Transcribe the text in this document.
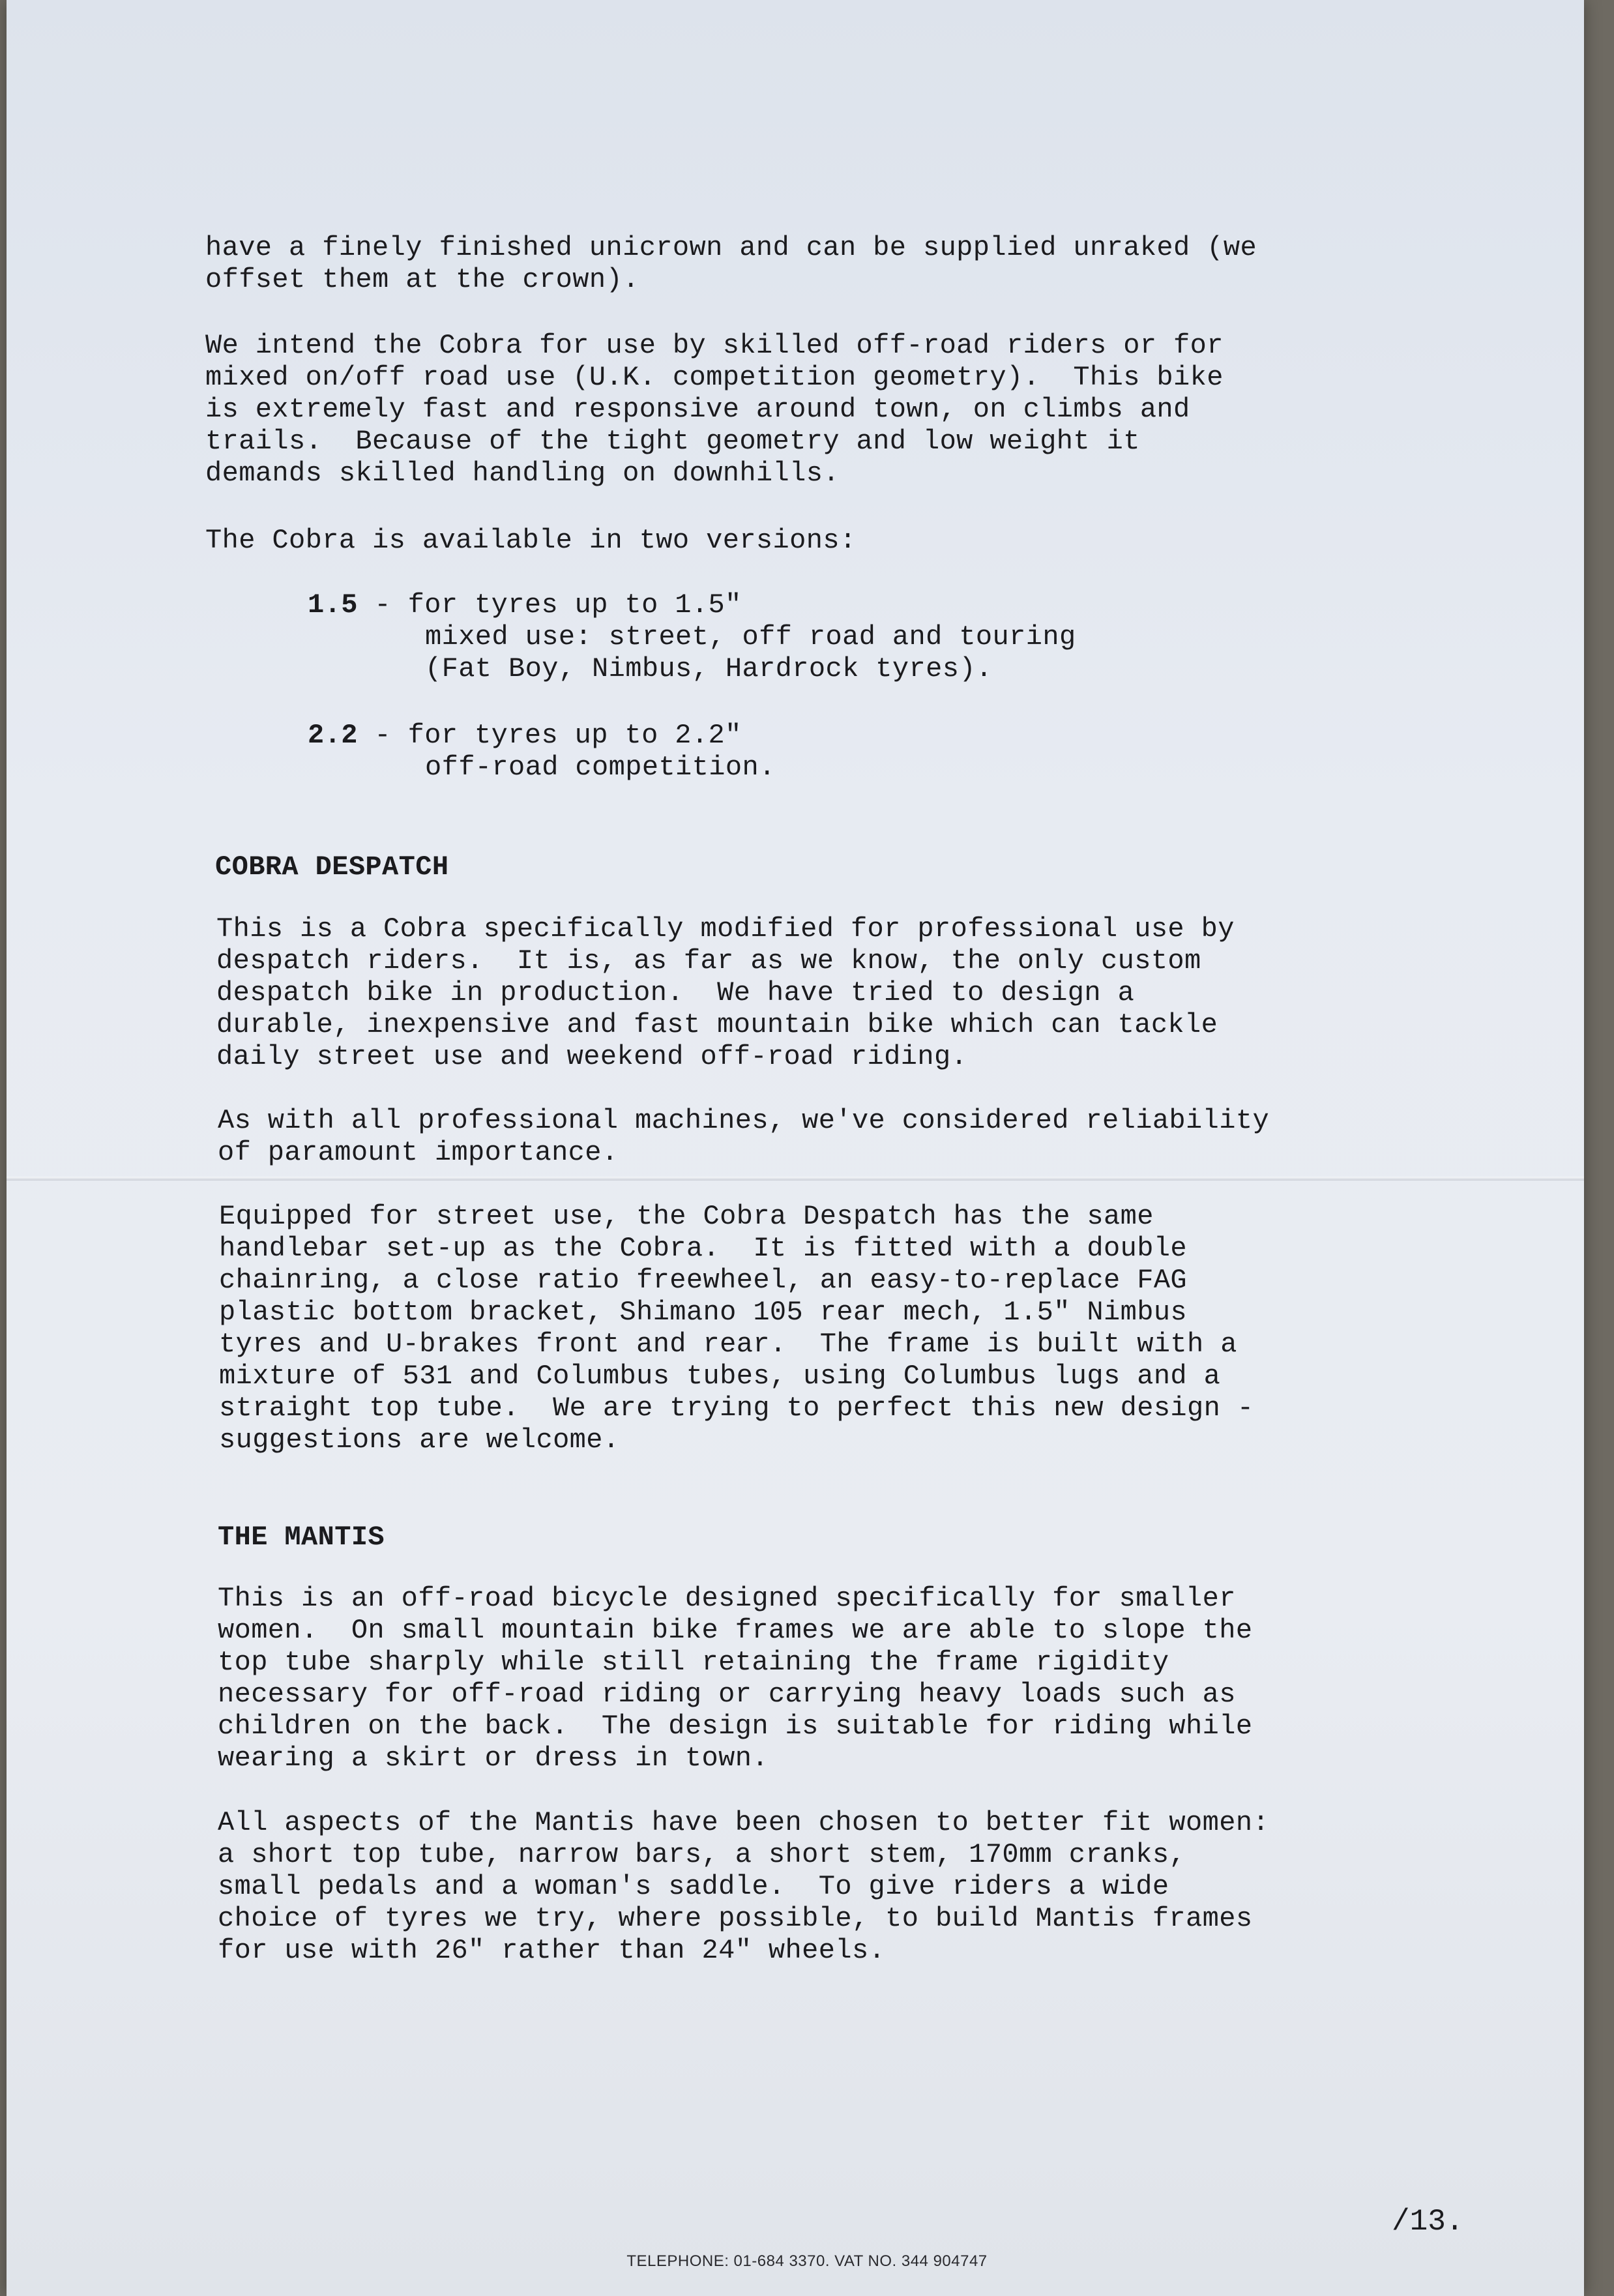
have a finely finished unicrown and can be supplied unraked (we
offset them at the crown).

We intend the Cobra for use by skilled off-road riders or for
mixed on/off road use (U.K. competition geometry).  This bike
is extremely fast and responsive around town, on climbs and
trails.  Because of the tight geometry and low weight it
demands skilled handling on downhills.

The Cobra is available in two versions:

1.5 - for tyres up to 1.5"

mixed use: street, off road and touring
(Fat Boy, Nimbus, Hardrock tyres).

2.2 - for tyres up to 2.2"

off-road competition.

COBRA DESPATCH

This is a Cobra specifically modified for professional use by
despatch riders.  It is, as far as we know, the only custom
despatch bike in production.  We have tried to design a
durable, inexpensive and fast mountain bike which can tackle
daily street use and weekend off-road riding.

As with all professional machines, we've considered reliability
of paramount importance.

Equipped for street use, the Cobra Despatch has the same
handlebar set-up as the Cobra.  It is fitted with a double
chainring, a close ratio freewheel, an easy-to-replace FAG
plastic bottom bracket, Shimano 105 rear mech, 1.5" Nimbus
tyres and U-brakes front and rear.  The frame is built with a
mixture of 531 and Columbus tubes, using Columbus lugs and a
straight top tube.  We are trying to perfect this new design -
suggestions are welcome.

THE MANTIS

This is an off-road bicycle designed specifically for smaller
women.  On small mountain bike frames we are able to slope the
top tube sharply while still retaining the frame rigidity
necessary for off-road riding or carrying heavy loads such as
children on the back.  The design is suitable for riding while
wearing a skirt or dress in town.

All aspects of the Mantis have been chosen to better fit women:
a short top tube, narrow bars, a short stem, 170mm cranks,
small pedals and a woman's saddle.  To give riders a wide
choice of tyres we try, where possible, to build Mantis frames
for use with 26" rather than 24" wheels.

/13.
TELEPHONE: 01-684 3370. VAT NO. 344 904747
